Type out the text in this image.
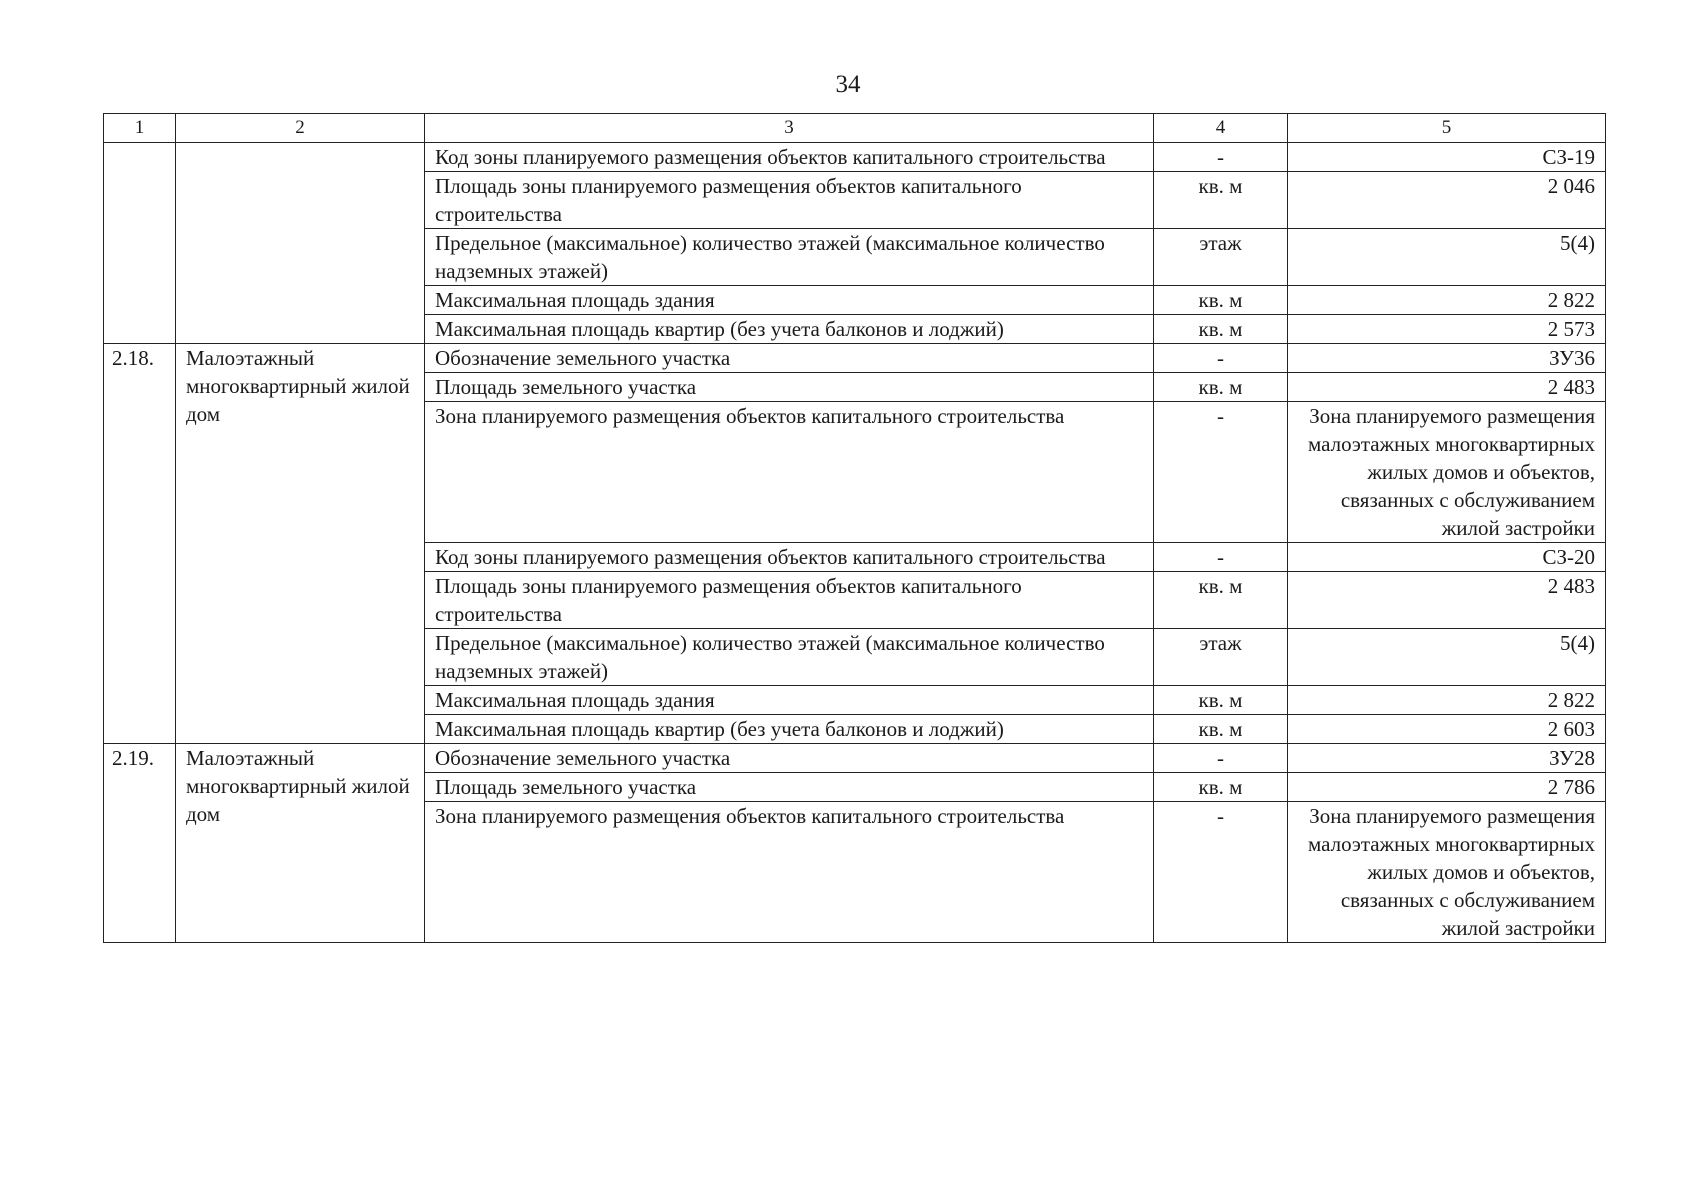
34
1	2	3	4	5
		Код зоны планируемого размещения объектов капитального строительства	-	СЗ-19
		Площадь зоны планируемого размещения объектов капитального строительства	кв. м	2 046
		Предельное (максимальное) количество этажей (максимальное количество надземных этажей)	этаж	5(4)
		Максимальная площадь здания	кв. м	2 822
		Максимальная площадь квартир (без учета балконов и лоджий)	кв. м	2 573
2.18.	Малоэтажный многоквартирный жилой дом	Обозначение земельного участка	-	ЗУ36
		Площадь земельного участка	кв. м	2 483
		Зона планируемого размещения объектов капитального строительства	-	Зона планируемого размещения малоэтажных многоквартирных жилых домов и объектов, связанных с обслуживанием жилой застройки
		Код зоны планируемого размещения объектов капитального строительства	-	СЗ-20
		Площадь зоны планируемого размещения объектов капитального строительства	кв. м	2 483
		Предельное (максимальное) количество этажей (максимальное количество надземных этажей)	этаж	5(4)
		Максимальная площадь здания	кв. м	2 822
		Максимальная площадь квартир (без учета балконов и лоджий)	кв. м	2 603
2.19.	Малоэтажный многоквартирный жилой дом	Обозначение земельного участка	-	ЗУ28
		Площадь земельного участка	кв. м	2 786
		Зона планируемого размещения объектов капитального строительства	-	Зона планируемого размещения малоэтажных многоквартирных жилых домов и объектов, связанных с обслуживанием жилой застройки
